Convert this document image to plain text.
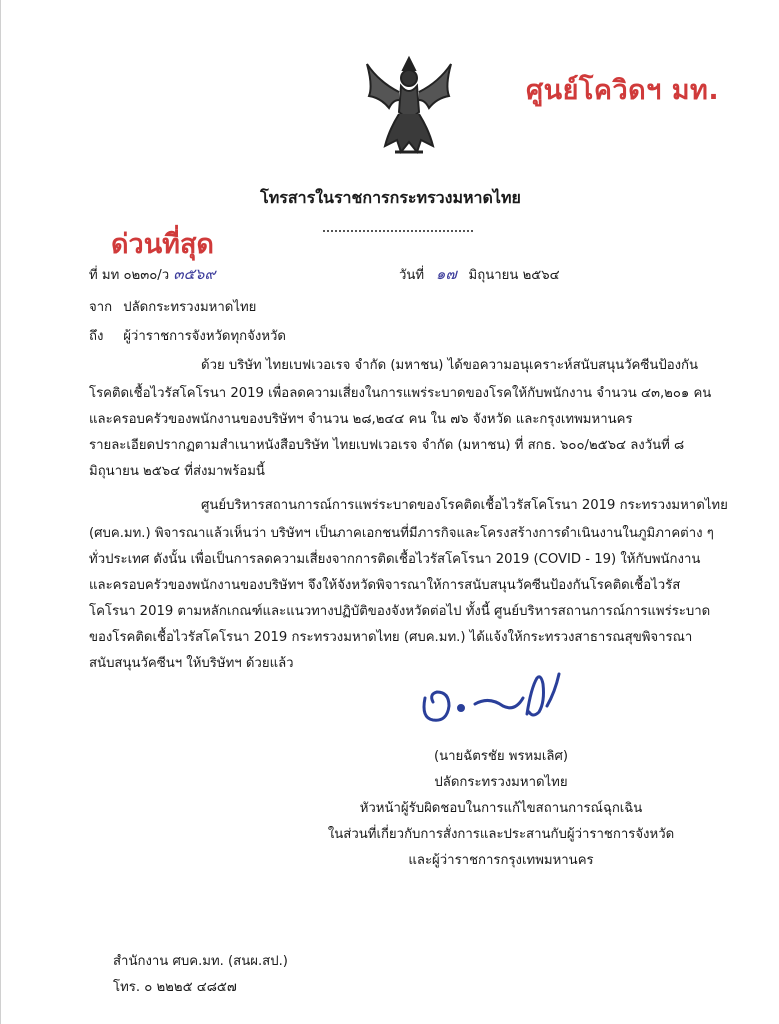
ศูนย์โควิดฯ มท.
โทรสารในราชการกระทรวงมหาดไทย
ด่วนที่สุด
ที่ มท ๐๒๓๐/ว ๓๕๖๙	วันที่ ๑๗ มิถุนายน ๒๕๖๔
จาก ปลัดกระทรวงมหาดไทย
ถึง ผู้ว่าราชการจังหวัดทุกจังหวัด
ด้วย บริษัท ไทยเบฟเวอเรจ จำกัด (มหาชน) ได้ขอความอนุเคราะห์สนับสนุนวัคซีนป้องกัน
โรคติดเชื้อไวรัสโคโรนา 2019 เพื่อลดความเสี่ยงในการแพร่ระบาดของโรคให้กับพนักงาน จำนวน ๔๓,๒๐๑ คน
และครอบครัวของพนักงานของบริษัทฯ จำนวน ๒๘,๒๔๔ คน ใน ๗๖ จังหวัด และกรุงเทพมหานคร
รายละเอียดปรากฏตามสำเนาหนังสือบริษัท ไทยเบฟเวอเรจ จำกัด (มหาชน) ที่ สกธ. ๖๐๐/๒๕๖๔ ลงวันที่ ๘
มิถุนายน ๒๕๖๔ ที่ส่งมาพร้อมนี้
ศูนย์บริหารสถานการณ์การแพร่ระบาดของโรคติดเชื้อไวรัสโคโรนา 2019 กระทรวงมหาดไทย
(ศบค.มท.) พิจารณาแล้วเห็นว่า บริษัทฯ เป็นภาคเอกชนที่มีภารกิจและโครงสร้างการดำเนินงานในภูมิภาคต่าง ๆ
ทั่วประเทศ ดังนั้น เพื่อเป็นการลดความเสี่ยงจากการติดเชื้อไวรัสโคโรนา 2019 (COVID - 19) ให้กับพนักงาน
และครอบครัวของพนักงานของบริษัทฯ จึงให้จังหวัดพิจารณาให้การสนับสนุนวัคซีนป้องกันโรคติดเชื้อไวรัส
โคโรนา 2019 ตามหลักเกณฑ์และแนวทางปฏิบัติของจังหวัดต่อไป ทั้งนี้ ศูนย์บริหารสถานการณ์การแพร่ระบาด
ของโรคติดเชื้อไวรัสโคโรนา 2019 กระทรวงมหาดไทย (ศบค.มท.) ได้แจ้งให้กระทรวงสาธารณสุขพิจารณา
สนับสนุนวัคซีนฯ ให้บริษัทฯ ด้วยแล้ว
(นายฉัตรชัย พรหมเลิศ)
ปลัดกระทรวงมหาดไทย
หัวหน้าผู้รับผิดชอบในการแก้ไขสถานการณ์ฉุกเฉิน
ในส่วนที่เกี่ยวกับการสั่งการและประสานกับผู้ว่าราชการจังหวัด
และผู้ว่าราชการกรุงเทพมหานคร
สำนักงาน ศบค.มท. (สนผ.สป.)
โทร. ๐ ๒๒๒๕ ๔๘๕๗
